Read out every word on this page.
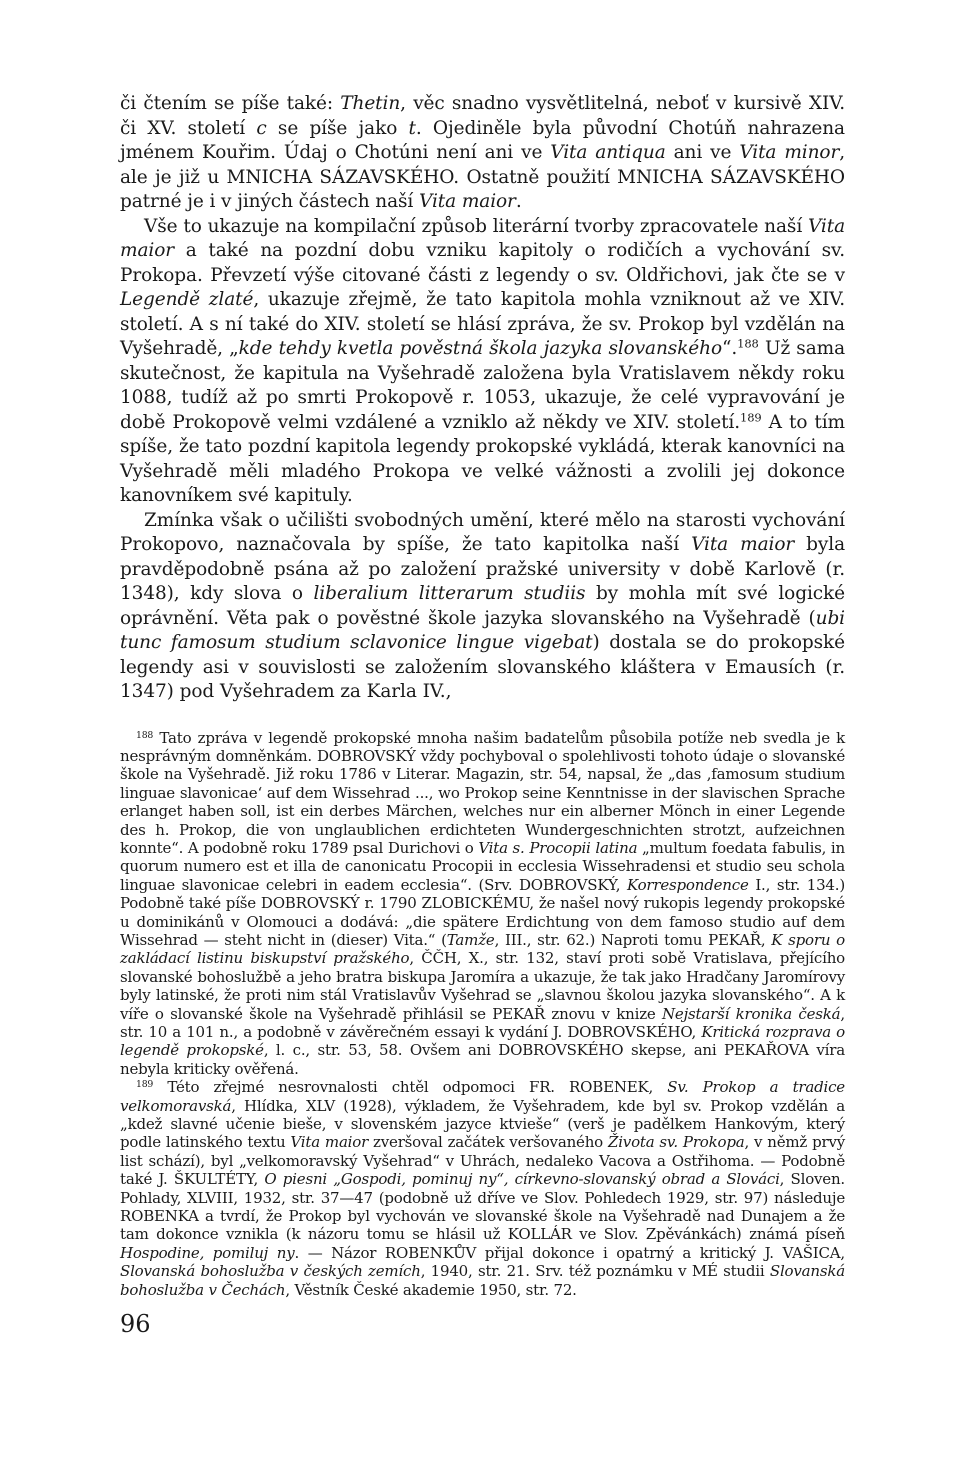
či čtením se píše také: Thetin, věc snadno vysvětlitelná, neboť v kursivě XIV. či XV. století c se píše jako t. Ojediněle byla původní Chotúň nahrazena jménem Kouřim. Údaj o Chotúni není ani ve Vita antiqua ani ve Vita minor, ale je již u MNICHA SÁZAVSKÉHO. Ostatně použití MNICHA SÁZAVSKÉHO patrné je i v jiných částech naší Vita maior.

Vše to ukazuje na kompilační způsob literární tvorby zpracovatele naší Vita maior a také na pozdní dobu vzniku kapitoly o rodičích a vychování sv. Prokopa. Převzetí výše citované části z legendy o sv. Oldřichovi, jak čte se v Legendě zlaté, ukazuje zřejmě, že tato kapitola mohla vzniknout až ve XIV. století. A s ní také do XIV. století se hlásí zpráva, že sv. Prokop byl vzdělán na Vyšehradě, „kde tehdy kvetla pověstná škola jazyka slovanského“.$^{188}$ Už sama skutečnost, že kapitula na Vyšehradě založena byla Vratislavem někdy roku 1088, tudíž až po smrti Prokopově r. 1053, ukazuje, že celé vypravování je době Prokopově velmi vzdálené a vzniklo až někdy ve XIV. století.$^{189}$ A to tím spíše, že tato pozdní kapitola legendy prokopské vykládá, kterak kanovníci na Vyšehradě měli mladého Prokopa ve velké vážnosti a zvolili jej dokonce kanovníkem své kapituly.

Zmínka však o učilišti svobodných umění, které mělo na starosti vychování Prokopovo, naznačovala by spíše, že tato kapitolka naší Vita maior byla pravděpodobně psána až po založení pražské university v době Karlově (r. 1348), kdy slova o liberalium litterarum studiis by mohla mít své logické oprávnění. Věta pak o pověstné škole jazyka slovanského na Vyšehradě (ubi tunc famosum studium sclavonice lingue vigebat) dostala se do prokopské legendy asi v souvislosti se založením slovanského kláštera v Emausích (r. 1347) pod Vyšehradem za Karla IV.,

$^{188}$ Tato zpráva v legendě prokopské mnoha našim badatelům působila potíže neb svedla je k nesprávným domněnkám. DOBROVSKÝ vždy pochyboval o spolehlivosti tohoto údaje o slovanské škole na Vyšehradě. Již roku 1786 v Literar. Magazin, str. 54, napsal, že „das ‚famosum studium linguae slavonicae‘ auf dem Wissehrad ..., wo Prokop seine Kenntnisse in der slavischen Sprache erlanget haben soll, ist ein derbes Märchen, welches nur ein alberner Mönch in einer Legende des h. Prokop, die von unglaublichen erdichteten Wundergeschnichten strotzt, aufzeichnen konnte“. A podobně roku 1789 psal Durichovi o Vita s. Procopii latina „multum foedata fabulis, in quorum numero est et illa de canonicatu Procopii in ecclesia Wissehradensi et studio seu schola linguae slavonicae celebri in eadem ecclesia“. (Srv. DOBROVSKÝ, Korrespondence I., str. 134.) Podobně také píše DOBROVSKÝ r. 1790 ZLOBICKÉMU, že našel nový rukopis legendy prokopské u dominikánů v Olomouci a dodává: „die spätere Erdichtung von dem famoso studio auf dem Wissehrad — steht nicht in (dieser) Vita.“ (Tamže, III., str. 62.) Naproti tomu PEKAŘ, K sporu o zakládací listinu biskupství pražského, ČČH, X., str. 132, staví proti sobě Vratislava, přejícího slovanské bohoslužbě a jeho bratra biskupa Jaromíra a ukazuje, že tak jako Hradčany Jaromírovy byly latinské, že proti nim stál Vratislavův Vyšehrad se „slavnou školou jazyka slovanského“. A k víře o slovanské škole na Vyšehradě přihlásil se PEKAŘ znovu v knize Nejstarší kronika česká, str. 10 a 101 n., a podobně v závěrečném essayi k vydání J. DOBROVSKÉHO, Kritická rozprava o legendě prokopské, l. c., str. 53, 58. Ovšem ani DOBROVSKÉHO skepse, ani PEKAŘOVA víra nebyla kriticky ověřená.

$^{189}$ Této zřejmé nesrovnalosti chtěl odpomoci FR. ROBENEK, Sv. Prokop a tradice velkomoravská, Hlídka, XLV (1928), výkladem, že Vyšehradem, kde byl sv. Prokop vzdělán a „kdež slavné učenie bieše, v slovenském jazyce ktvieše“ (verš je padělkem Hankovým, který podle latinského textu Vita maior zveršoval začátek veršovaného Života sv. Prokopa, v němž prvý list schází), byl „velkomoravský Vyšehrad“ v Uhrách, nedaleko Vacova a Ostřihoma. — Podobně také J. ŠKULTÉTY, O piesni „Gospodi, pominuj ny“, církevno-slovanský obrad a Slováci, Sloven. Pohlady, XLVIII, 1932, str. 37—47 (podobně už dříve ve Slov. Pohledech 1929, str. 97) následuje ROBENKA a tvrdí, že Prokop byl vychován ve slovanské škole na Vyšehradě nad Dunajem a že tam dokonce vznikla (k názoru tomu se hlásil už KOLLÁR ve Slov. Zpěvánkách) známá píseň Hospodine, pomiluj ny. — Názor ROBENKŮV přijal dokonce i opatrný a kritický J. VAŠICA, Slovanská bohoslužba v českých zemích, 1940, str. 21. Srv. též poznámku v MÉ studii Slovanská bohoslužba v Čechách, Věstník České akademie 1950, str. 72.

96
